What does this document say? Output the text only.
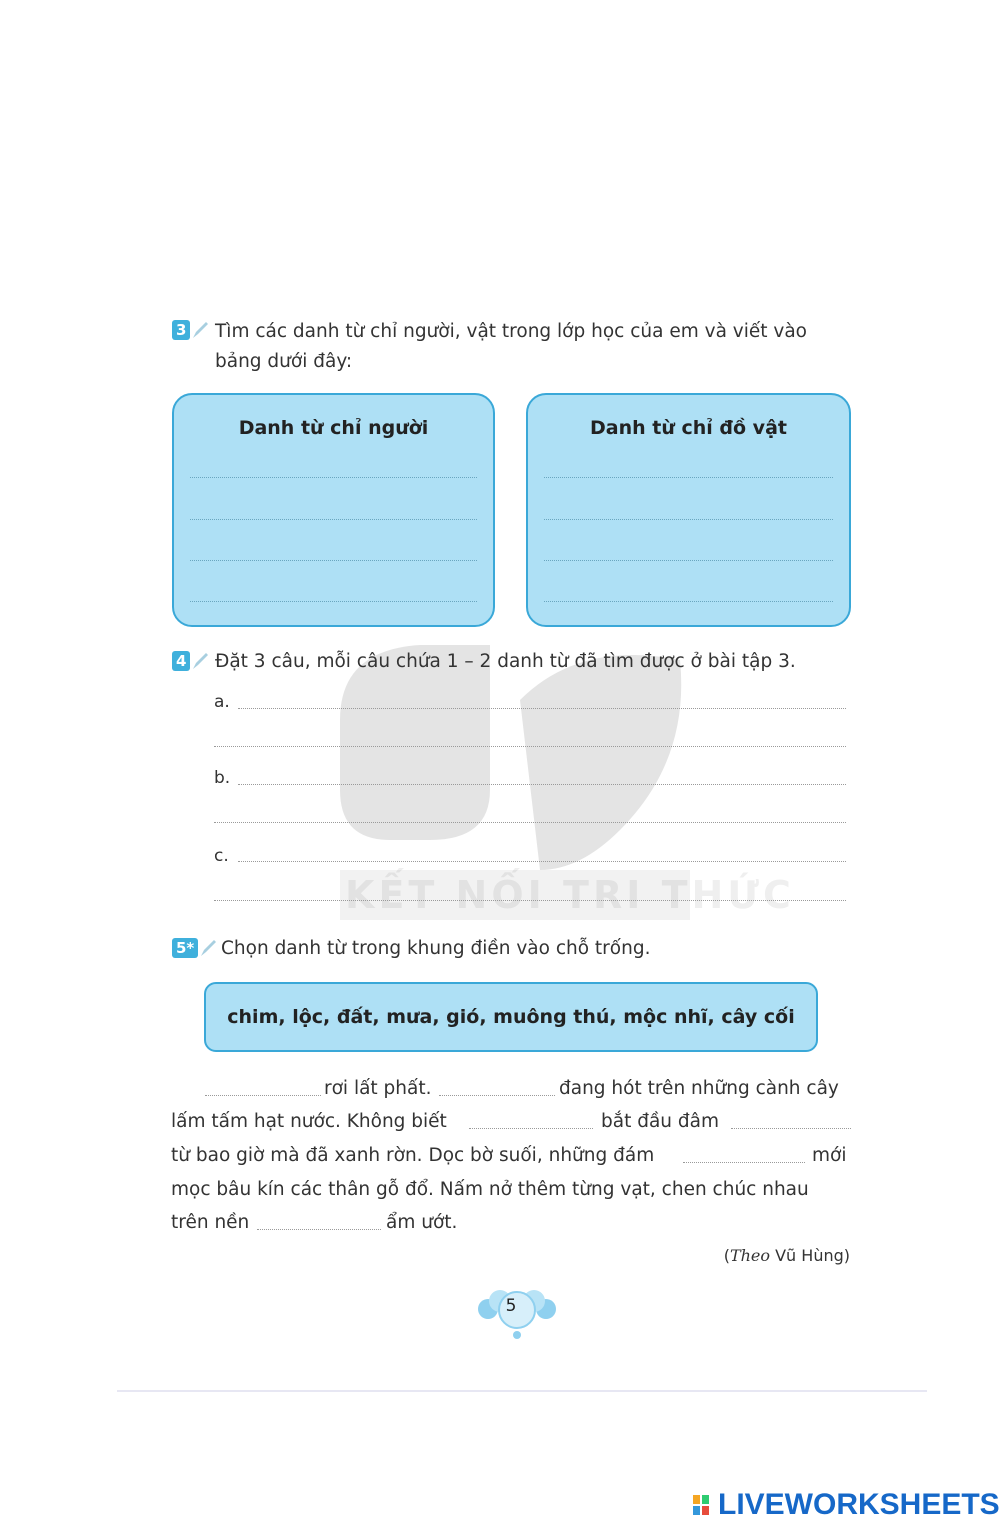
KẾT NỐI TRI THỨC
3 Tìm các danh từ chỉ người, vật trong lớp học của em và viết vào
bảng dưới đây:
Danh từ chỉ người	Danh từ chỉ đồ vật
4 Đặt 3 câu, mỗi câu chứa 1 – 2 danh từ đã tìm được ở bài tập 3.
a.
b.
c.
5* Chọn danh từ trong khung điền vào chỗ trống.
chim, lộc, đất, mưa, gió, muông thú, mộc nhĩ, cây cối
rơi lất phất.	đang hót trên những cành cây
lấm tấm hạt nước. Không biết	bắt đầu đâm
từ bao giờ mà đã xanh rờn. Dọc bờ suối, những đám	mới
mọc bâu kín các thân gỗ đổ. Nấm nở thêm từng vạt, chen chúc nhau
trên nền	ẩm ướt.
(Theo Vũ Hùng)
5
LIVEWORKSHEETS
